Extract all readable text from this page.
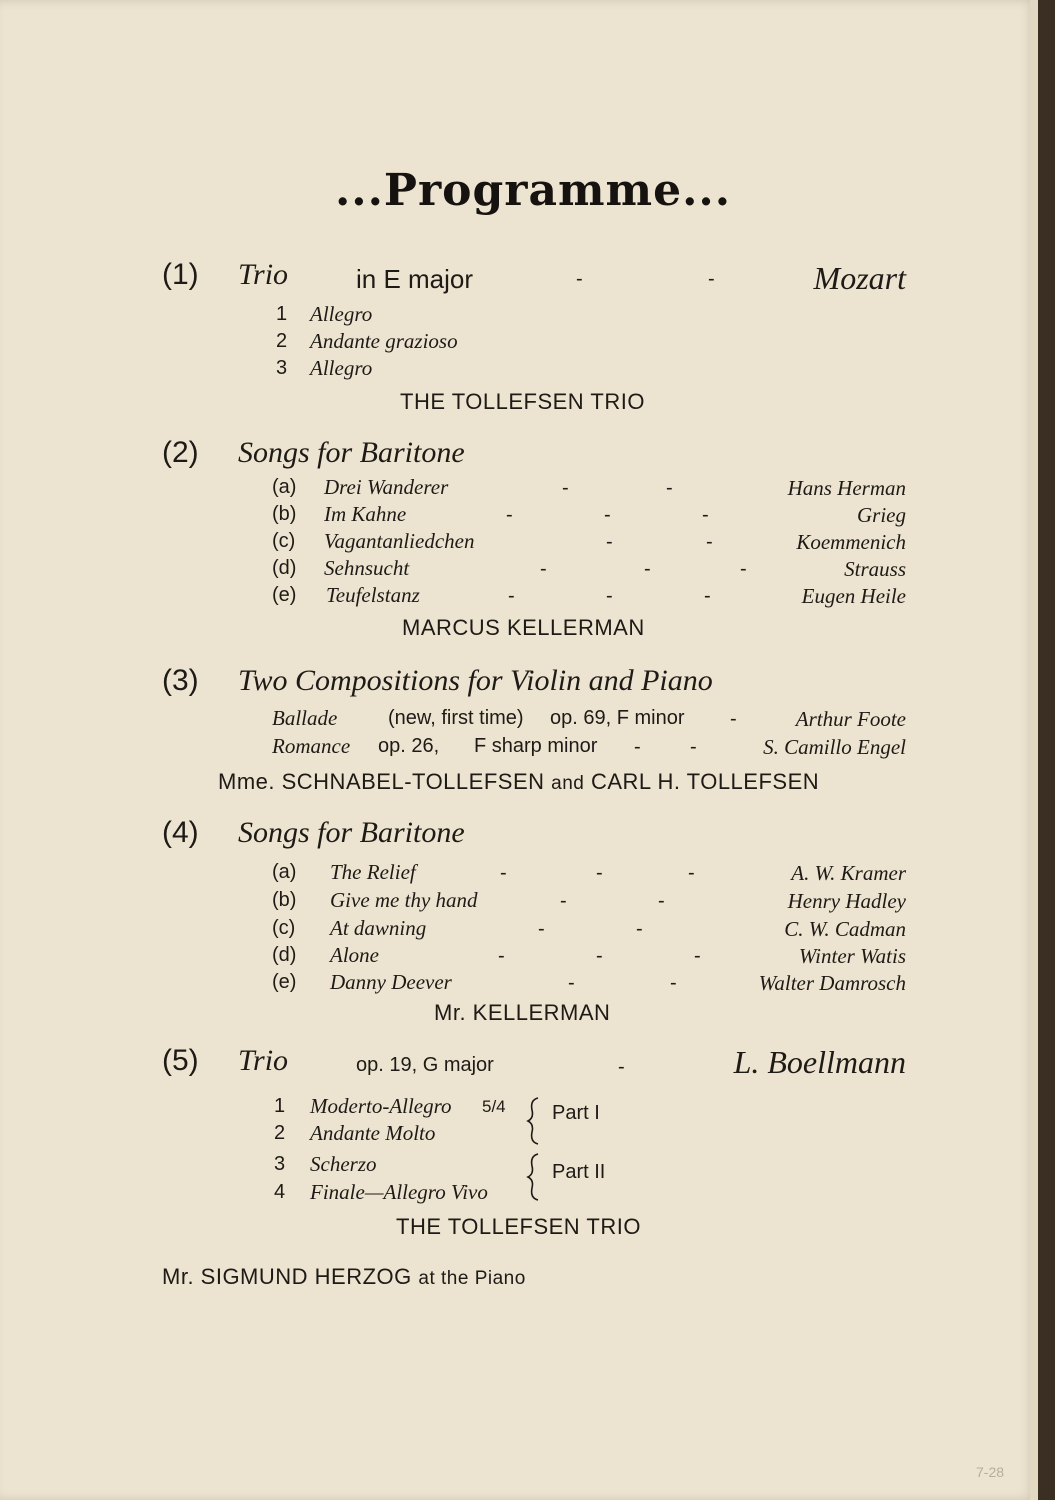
...Programme...
(1) Trio	in E major	-	-	Mozart
1 Allegro
2 Andante grazioso
3 Allegro
THE TOLLEFSEN TRIO
(2) Songs for Baritone
(a) Drei Wanderer	-	-	Hans Herman
(b) Im Kahne	-	-	-	Grieg
(c) Vagantanliedchen	-	-	Koemmenich
(d) Sehnsucht	-	-	-	Strauss
(e) Teufelstanz	-	-	-	Eugen Heile
MARCUS KELLERMAN
(3) Two Compositions for Violin and Piano
Ballade	(new, first time) op. 69, F minor -	Arthur Foote
Romance op. 26, F sharp minor - -	S. Camillo Engel
Mme. SCHNABEL-TOLLEFSEN and CARL H. TOLLEFSEN
(4) Songs for Baritone
(a) The Relief	-	-	-	A. W. Kramer
(b) Give me thy hand	-	-	Henry Hadley
(c) At dawning	-	-	C. W. Cadman
(d) Alone	-	-	-	Winter Watis
(e) Danny Deever	-	-	Walter Damrosch
Mr. KELLERMAN
(5) Trio	op. 19, G major	-	L. Boellmann
1 Moderto-Allegro 5/4
2 Andante Molto
3 Scherzo
4 Finale—Allegro Vivo
Part I
Part II
THE TOLLEFSEN TRIO
Mr. SIGMUND HERZOG at the Piano
7-28
